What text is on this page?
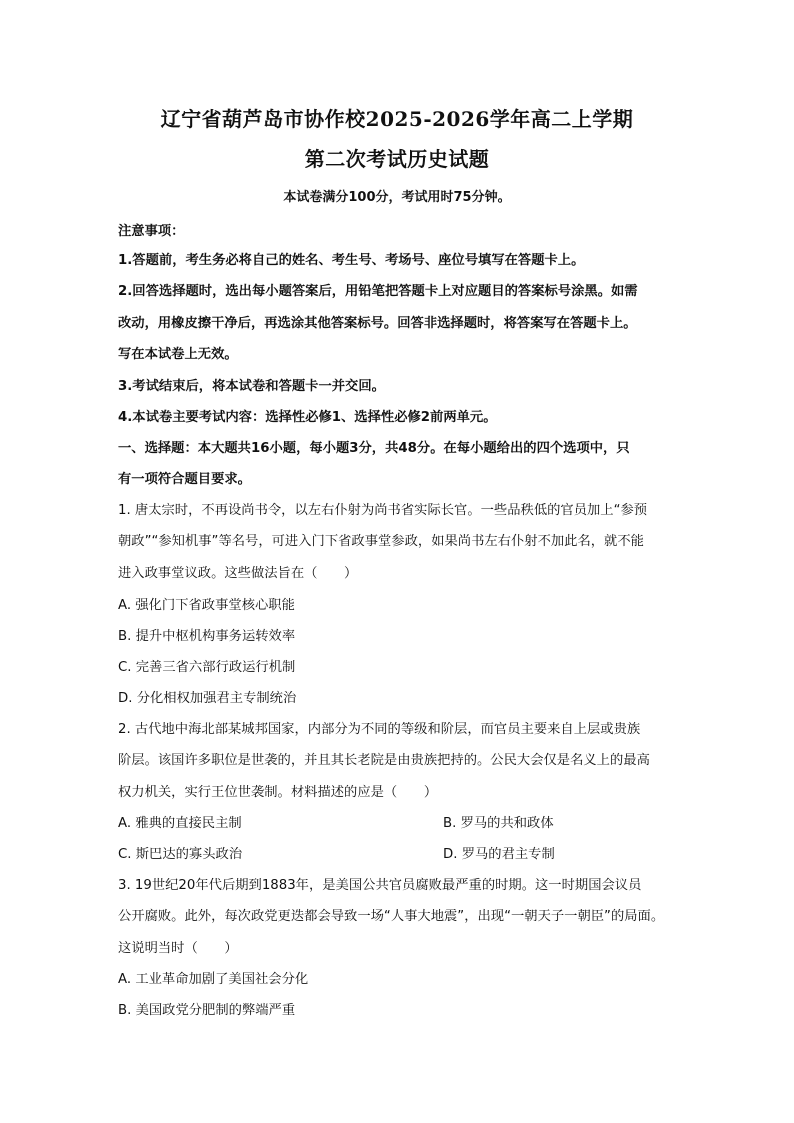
辽宁省葫芦岛市协作校2025-2026学年高二上学期
第二次考试历史试题
本试卷满分100分，考试用时75分钟。
注意事项：
1.答题前，考生务必将自己的姓名、考生号、考场号、座位号填写在答题卡上。
2.回答选择题时，选出每小题答案后，用铅笔把答题卡上对应题目的答案标号涂黑。如需
改动，用橡皮擦干净后，再选涂其他答案标号。回答非选择题时，将答案写在答题卡上。
写在本试卷上无效。
3.考试结束后，将本试卷和答题卡一并交回。
4.本试卷主要考试内容：选择性必修1、选择性必修2前两单元。
一、选择题：本大题共16小题，每小题3分，共48分。在每小题给出的四个选项中，只
有一项符合题目要求。
1. 唐太宗时，不再设尚书令，以左右仆射为尚书省实际长官。一些品秩低的官员加上“参预
朝政”“参知机事”等名号，可进入门下省政事堂参政，如果尚书左右仆射不加此名，就不能
进入政事堂议政。这些做法旨在（　　）
A. 强化门下省政事堂核心职能
B. 提升中枢机构事务运转效率
C. 完善三省六部行政运行机制
D. 分化相权加强君主专制统治
2. 古代地中海北部某城邦国家，内部分为不同的等级和阶层，而官员主要来自上层或贵族
阶层。该国许多职位是世袭的，并且其长老院是由贵族把持的。公民大会仅是名义上的最高
权力机关，实行王位世袭制。材料描述的应是（　　）
A. 雅典的直接民主制	B. 罗马的共和政体
C. 斯巴达的寡头政治	D. 罗马的君主专制
3. 19世纪20年代后期到1883年，是美国公共官员腐败最严重的时期。这一时期国会议员
公开腐败。此外，每次政党更迭都会导致一场“人事大地震”，出现“一朝天子一朝臣”的局面。
这说明当时（　　）
A. 工业革命加剧了美国社会分化
B. 美国政党分肥制的弊端严重
